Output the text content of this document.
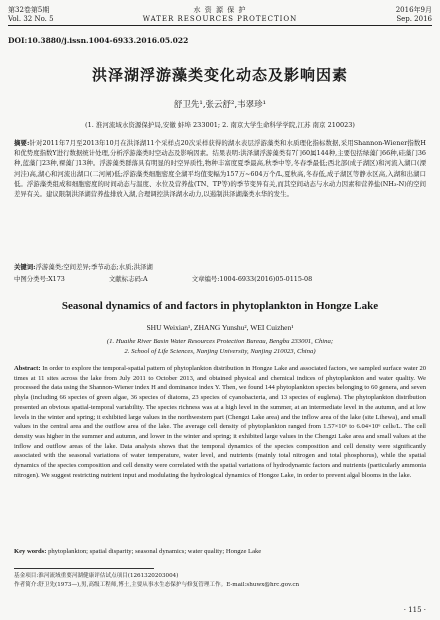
第32卷第5期
Vol. 32 No. 5
水 资 源 保 护
WATER RESOURCES PROTECTION
2016年9月
Sep. 2016
DOI:10.3880/j.issn.1004-6933.2016.05.022
洪泽湖浮游藻类变化动态及影响因素
舒卫先¹,张云舒²,韦翠珍¹
(1. 淮河流域水资源保护局,安徽 蚌埠 233001; 2. 南京大学生命科学学院,江苏 南京 210023)
摘要:针对2011年7月至2013年10月在洪泽湖11个采样点20次采样获得的湖水表层浮游藻类和水质理化指标数据,采用Shannon-Wiener指数H和优势度指数Y进行数据统计处理,分析浮游藻类时空动态及影响因素。结果表明:洪泽湖浮游藻类有7门60属144种,主要包括绿藻门66种,硅藻门36种,蓝藻门23种,裸藻门13种。浮游藻类群落具有明显的时空异质性,物种丰富度夏季最高,秋季中等,冬春季最低;西北部(成子湖区)和河流入湖口(溧河洼)高,湖心和河流出湖口(二河闸)低;浮游藻类细胞密度全湖平均值变幅为157万~604万个/L,夏秋高,冬春低,成子湖区等静水区高,入湖和出湖口低。浮游藻类组成和细胞密度的时间动态与温度、水位及营养盐(TN、TP等)的季节变异有关,而其空间动态与水动力因素和营养盐(NH₃-N)的空间差异有关。建议限制洪泽湖营养盐排放入湖,合理调控洪泽湖水动力,以遏制洪泽湖藻类水华的发生。
关键词:浮游藻类;空间差异;季节动态;水质;洪泽湖
中图分类号:X173	文献标志码:A	文章编号:1004-6933(2016)05-0115-08
Seasonal dynamics of and factors in phytoplankton in Hongze Lake
SHU Weixian¹, ZHANG Yunshu², WEI Cuizhen¹
(1. Huaihe River Basin Water Resources Protection Bureau, Bengbu 233001, China;
2. School of Life Sciences, Nanjing University, Nanjing 210023, China)
Abstract: In order to explore the temporal-spatial pattern of phytoplankton distribution in Hongze Lake and associated factors, we sampled surface water 20 times at 11 sites across the lake from July 2011 to October 2013, and obtained physical and chemical indices of phytoplankton and water quality. We processed the data using the Shannon-Wiener index H and dominance index Y. Then, we found 144 phytoplankton species belonging to 60 genera, and seven phyla (including 66 species of green algae, 36 species of diatoms, 23 species of cyanobacteria, and 13 species of euglena). The phytoplankton distribution presented an obvious spatial-temporal variability. The species richness was at a high level in the summer, at an intermediate level in the autumn, and at low levels in the winter and spring; it exhibited large values in the northwestern part (Chengzi Lake area) and the inflow area of the lake (site Lihewa), and small values in the central area and the outflow area of the lake. The average cell density of phytoplankton ranged from 1.57×10⁶ to 6.04×10⁶ cells/L. The cell density was higher in the summer and autumn, and lower in the winter and spring; it exhibited large values in the Chengzi Lake area and small values at the inflow and outflow areas of the lake. Data analysis shows that the temporal dynamics of the species composition and cell density were significantly associated with the seasonal variations of water temperature, water level, and nutrients (mainly total nitrogen and total phosphorus), while the spatial dynamics of the species composition and cell density were correlated with the spatial variations of hydrodynamic factors and nutrients (particularly ammonia nitrogen). We suggest restricting nutrient input and modulating the hydrological dynamics of Hongze Lake, in order to prevent algal blooms in the lake.
Key words: phytoplankton; spatial disparity; seasonal dynamics; water quality; Hongze Lake
基金项目:淮河流域重要河湖健康评估试点项目(1261320203004)
作者简介:舒卫先(1973—),男,高级工程师,博士,主要从事水生态保护与修复管理工作。E-mail:shuwx@hrc.gov.cn
· 115 ·
